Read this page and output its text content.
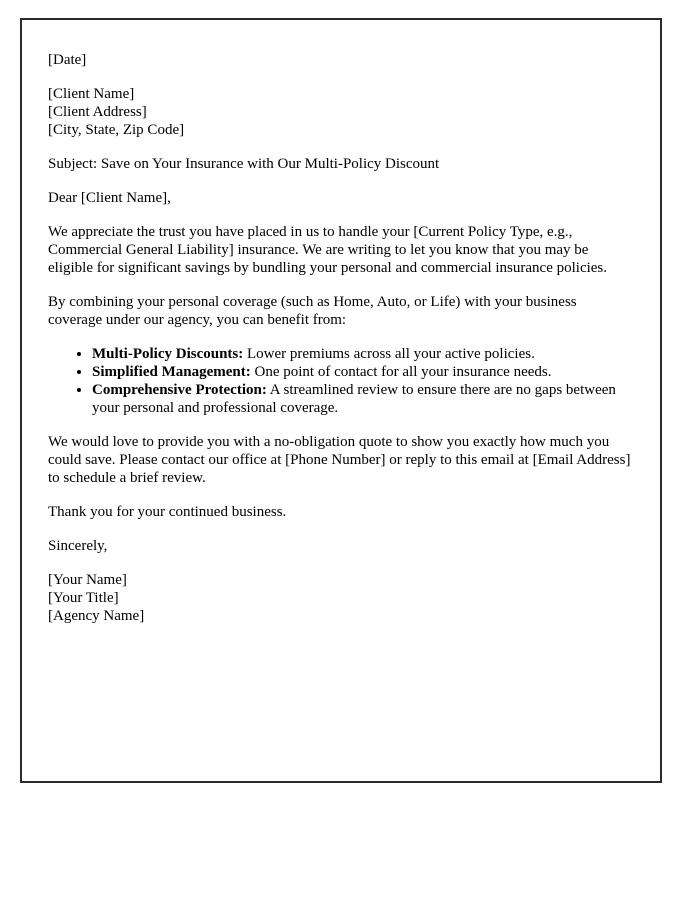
[Date]

[Client Name]

[Client Address]

[City, State, Zip Code]

Subject: Save on Your Insurance with Our Multi-Policy Discount

Dear [Client Name],

We appreciate the trust you have placed in us to handle your [Current Policy Type, e.g., Commercial General Liability] insurance. We are writing to let you know that you may be eligible for significant savings by bundling your personal and commercial insurance policies.

By combining your personal coverage (such as Home, Auto, or Life) with your business coverage under our agency, you can benefit from:

• Multi-Policy Discounts: Lower premiums across all your active policies.
• Simplified Management: One point of contact for all your insurance needs.
• Comprehensive Protection: A streamlined review to ensure there are no gaps between your personal and professional coverage.

We would love to provide you with a no-obligation quote to show you exactly how much you could save. Please contact our office at [Phone Number] or reply to this email at [Email Address] to schedule a brief review.

Thank you for your continued business.

Sincerely,

[Your Name]

[Your Title]

[Agency Name]
